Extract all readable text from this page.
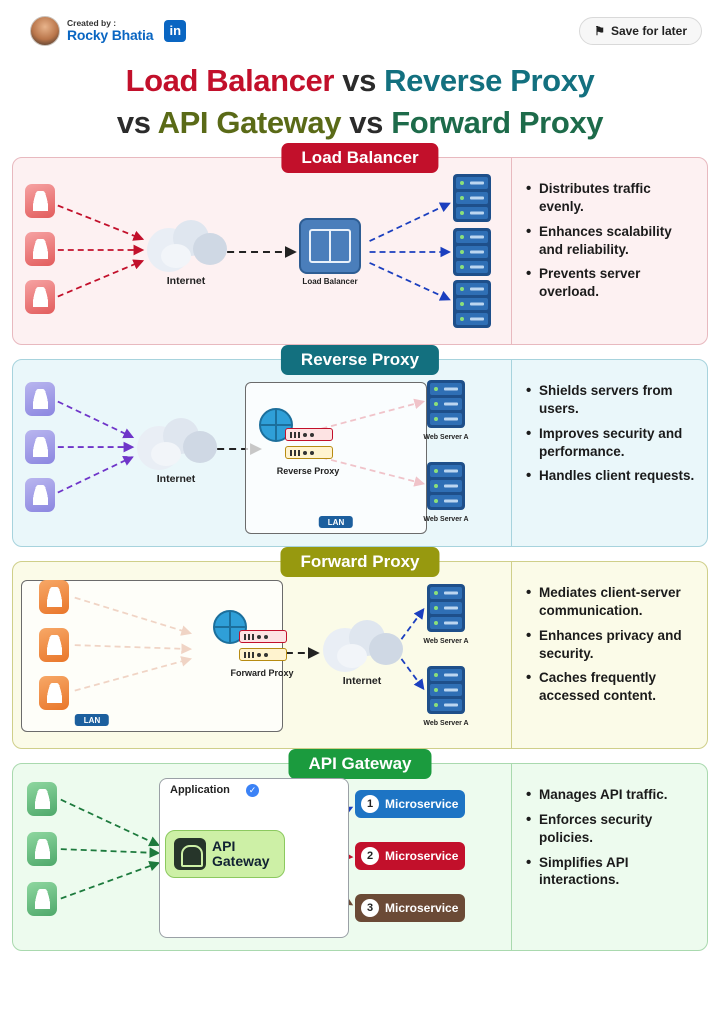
Created by :
Rocky Bhatia	in	⚑ Save for later
Load Balancer vs Reverse Proxy
vs API Gateway vs Forward Proxy
Load Balancer
Internet	Load Balancer
• Distributes traffic evenly.
• Enhances scalability and reliability.
• Prevents server overload.
Reverse Proxy
Internet
LAN
Reverse Proxy
Web Server A
Web Server A
• Shields servers from users.
• Improves security and performance.
• Handles client requests.
Forward Proxy
LAN
Forward Proxy
Internet
Web Server A
Web Server A
• Mediates client-server communication.
• Enhances privacy and security.
• Caches frequently accessed content.
API Gateway
Application	✓
API Gateway
1 Microservice
2 Microservice
3 Microservice
• Manages API traffic.
• Enforces security policies.
• Simplifies API interactions.
